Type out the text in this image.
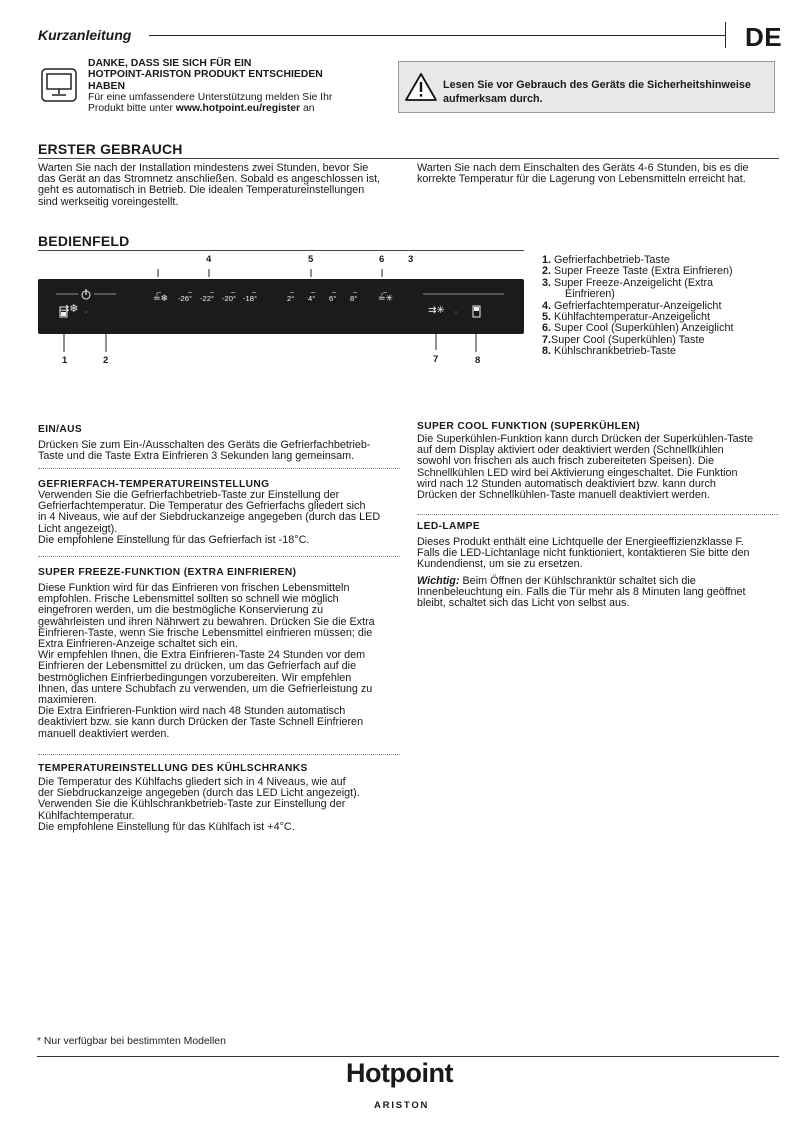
Kurzanleitung	DE
DANKE, DASS SIE SICH FÜR EIN
HOTPOINT-ARISTON PRODUKT ENTSCHIEDEN
HABEN
Für eine umfassendere Unterstützung melden Sie Ihr
Produkt bitte unter www.hotpoint.eu/register an
Lesen Sie vor Gebrauch des Geräts die Sicherheitshinweise
aufmerksam durch.
ERSTER GEBRAUCH
Warten Sie nach der Installation mindestens zwei Stunden, bevor Sie
das Gerät an das Stromnetz anschließen. Sobald es angeschlossen ist,
geht es automatisch in Betrieb. Die idealen Temperatureinstellungen
sind werkseitig voreingestellt.
Warten Sie nach dem Einschalten des Geräts 4-6 Stunden, bis es die
korrekte Temperatur für die Lagerung von Lebensmitteln erreicht hat.
BEDIENFELD
4	5	6 3
1	2	7	8
⇉❄
≟❄ -26° -22° -20° -18°	2° 4° 6° 8° ≟✳
⇉✳
1. Gefrierfachbetrieb-Taste
2. Super Freeze Taste (Extra Einfrieren)
3. Super Freeze-Anzeigelicht (Extra
Einfrieren)
4. Gefrierfachtemperatur-Anzeigelicht
5. Kühlfachtemperatur-Anzeigelicht
6. Super Cool (Superkühlen) Anzeiglicht
7.Super Cool (Superkühlen) Taste
8. Kühlschrankbetrieb-Taste
EIN/AUS
Drücken Sie zum Ein-/Ausschalten des Geräts die Gefrierfachbetrieb-
Taste und die Taste Extra Einfrieren 3 Sekunden lang gemeinsam.
GEFRIERFACH-TEMPERATUREINSTELLUNG
Verwenden Sie die Gefrierfachbetrieb-Taste zur Einstellung der
Gefrierfachtemperatur. Die Temperatur des Gefrierfachs gliedert sich
in 4 Niveaus, wie auf der Siebdruckanzeige angegeben (durch das LED
Licht angezeigt).
Die empfohlene Einstellung für das Gefrierfach ist -18°C.
SUPER FREEZE-FUNKTION (EXTRA EINFRIEREN)
Diese Funktion wird für das Einfrieren von frischen Lebensmitteln
empfohlen. Frische Lebensmittel sollten so schnell wie möglich
eingefroren werden, um die bestmögliche Konservierung zu
gewährleisten und ihren Nährwert zu bewahren. Drücken Sie die Extra
Einfrieren-Taste, wenn Sie frische Lebensmittel einfrieren müssen; die
Extra Einfrieren-Anzeige schaltet sich ein.
Wir empfehlen Ihnen, die Extra Einfrieren-Taste 24 Stunden vor dem
Einfrieren der Lebensmittel zu drücken, um das Gefrierfach auf die
bestmöglichen Einfrierbedingungen vorzubereiten. Wir empfehlen
Ihnen, das untere Schubfach zu verwenden, um die Gefrierleistung zu
maximieren.
Die Extra Einfrieren-Funktion wird nach 48 Stunden automatisch
deaktiviert bzw. sie kann durch Drücken der Taste Schnell Einfrieren
manuell deaktiviert werden.
TEMPERATUREINSTELLUNG DES KÜHLSCHRANKS
Die Temperatur des Kühlfachs gliedert sich in 4 Niveaus, wie auf
der Siebdruckanzeige angegeben (durch das LED Licht angezeigt).
Verwenden Sie die Kühlschrankbetrieb-Taste zur Einstellung der
Kühlfachtemperatur.
Die empfohlene Einstellung für das Kühlfach ist +4°C.
SUPER COOL FUNKTION (SUPERKÜHLEN)
Die Superkühlen-Funktion kann durch Drücken der Superkühlen-Taste
auf dem Display aktiviert oder deaktiviert werden (Schnellkühlen
sowohl von frischen als auch frisch zubereiteten Speisen). Die
Schnellkühlen LED wird bei Aktivierung eingeschaltet. Die Funktion
wird nach 12 Stunden automatisch deaktiviert bzw. kann durch
Drücken der Schnellkühlen-Taste manuell deaktiviert werden.
LED-LAMPE
Dieses Produkt enthält eine Lichtquelle der Energieeffizienzklasse F.
Falls die LED-Lichtanlage nicht funktioniert, kontaktieren Sie bitte den
Kundendienst, um sie zu ersetzen.
Wichtig: Beim Öffnen der Kühlschranktür schaltet sich die
Innenbeleuchtung ein. Falls die Tür mehr als 8 Minuten lang geöffnet
bleibt, schaltet sich das Licht von selbst aus.
* Nur verfügbar bei bestimmten Modellen
Hotpoint
ARISTON
